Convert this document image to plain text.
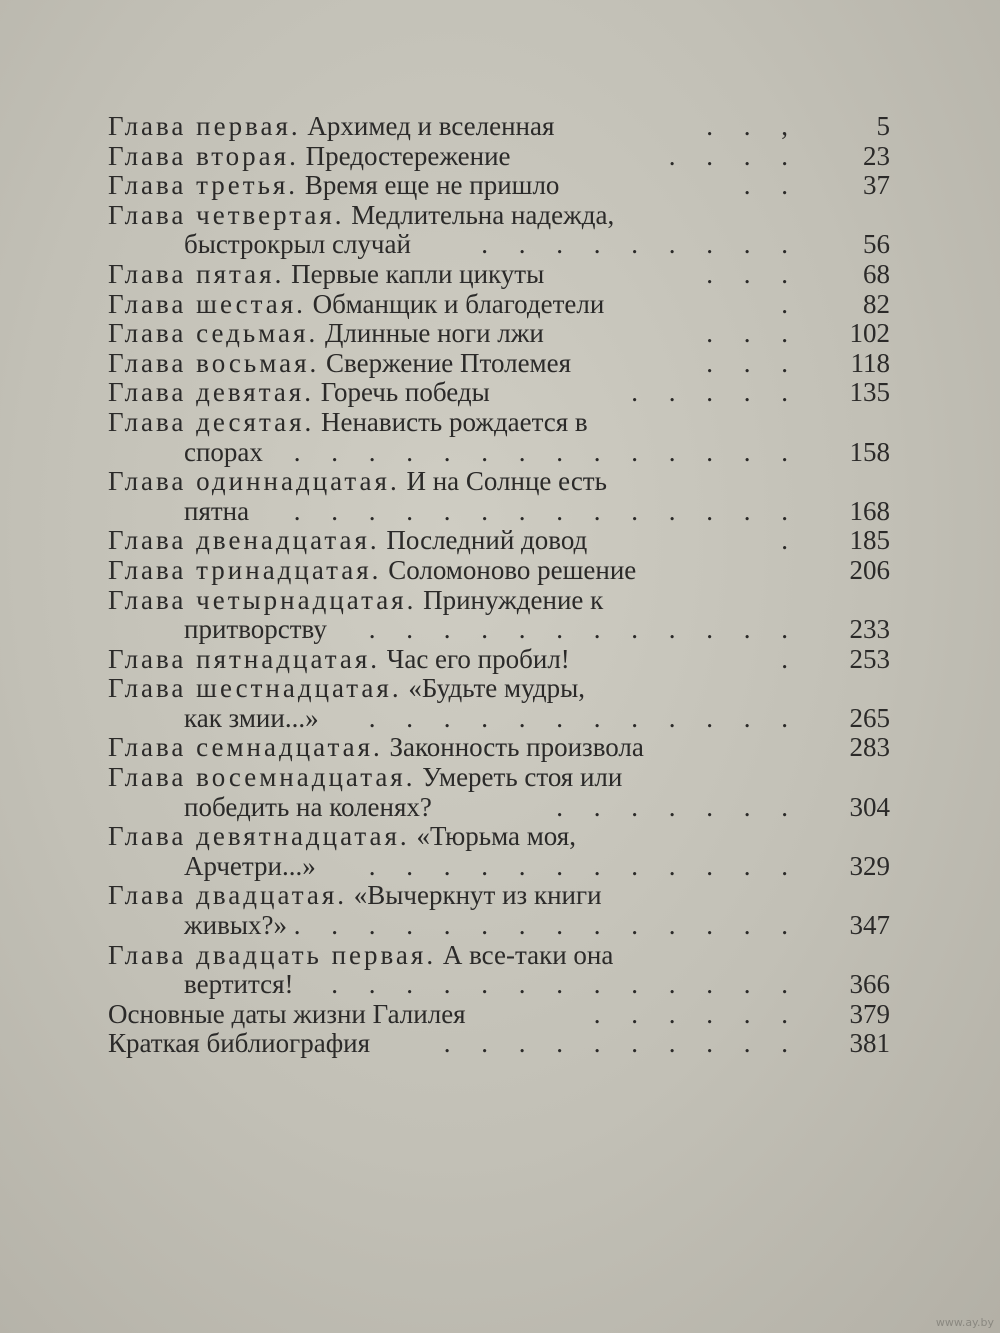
Глава первая. Архимед и вселенная	. . ,	5
Глава вторая. Предостережение	. . . . 23
Глава третья. Время еще не пришло	. . 37
Глава четвертая. Медлительна надежда,
быстрокрыл случай	. . . . . . . . . 56
Глава пятая. Первые капли цикуты	. . . 68
Глава шестая. Обманщик и благодетели	. 82
Глава седьмая. Длинные ноги лжи	. . . 102
Глава восьмая. Свержение Птолемея	. . . 118
Глава девятая. Горечь победы	. . . . . 135
Глава десятая. Ненависть рождается в
спорах . . . . . . . . . . . . . . 158
Глава одиннадцатая. И на Солнце есть
пятна . . . . . . . . . . . . . . 168
Глава двенадцатая. Последний довод	. 185
Глава тринадцатая. Соломоново решение	206
Глава четырнадцатая. Принуждение к
притворству . . . . . . . . . . . . 233
Глава пятнадцатая. Час его пробил!	. 253
Глава шестнадцатая. «Будьте мудры,
как змии...» . . . . . . . . . . . . 265
Глава семнадцатая. Законность произвола	283
Глава восемнадцатая. Умереть стоя или
победить на коленях?	. . . . . . . 304
Глава девятнадцатая. «Тюрьма моя,
Арчетри...» . . . . . . . . . . . . 329
Глава двадцатая. «Вычеркнут из книги
живых?» . . . . . . . . . . . . . . 347
Глава двадцать первая. А все-таки она
вертится! . . . . . . . . . . . . . 366
Основные даты жизни Галилея	. . . . . . 379
Краткая библиография	. . . . . . . . . . 381
www.ay.by
